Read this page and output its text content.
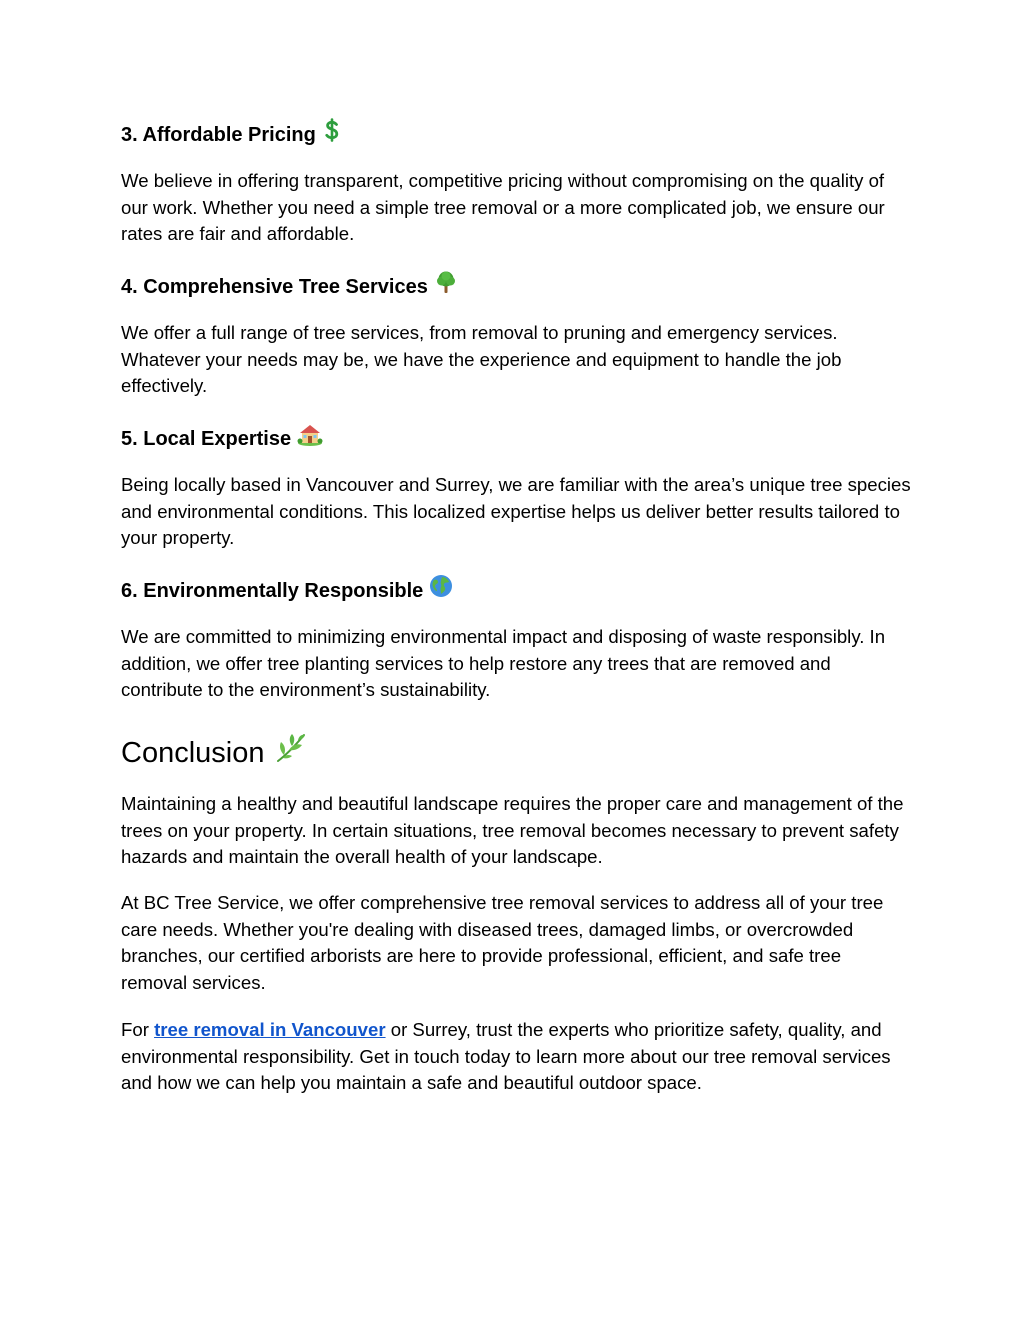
3. Affordable Pricing

We believe in offering transparent, competitive pricing without compromising on the quality of our work. Whether you need a simple tree removal or a more complicated job, we ensure our rates are fair and affordable.

4. Comprehensive Tree Services

We offer a full range of tree services, from removal to pruning and emergency services. Whatever your needs may be, we have the experience and equipment to handle the job effectively.

5. Local Expertise

Being locally based in Vancouver and Surrey, we are familiar with the area’s unique tree species and environmental conditions. This localized expertise helps us deliver better results tailored to your property.

6. Environmentally Responsible

We are committed to minimizing environmental impact and disposing of waste responsibly. In addition, we offer tree planting services to help restore any trees that are removed and contribute to the environment’s sustainability.

Conclusion

Maintaining a healthy and beautiful landscape requires the proper care and management of the trees on your property. In certain situations, tree removal becomes necessary to prevent safety hazards and maintain the overall health of your landscape.

At BC Tree Service, we offer comprehensive tree removal services to address all of your tree care needs. Whether you're dealing with diseased trees, damaged limbs, or overcrowded branches, our certified arborists are here to provide professional, efficient, and safe tree removal services.

For tree removal in Vancouver or Surrey, trust the experts who prioritize safety, quality, and environmental responsibility. Get in touch today to learn more about our tree removal services and how we can help you maintain a safe and beautiful outdoor space.
